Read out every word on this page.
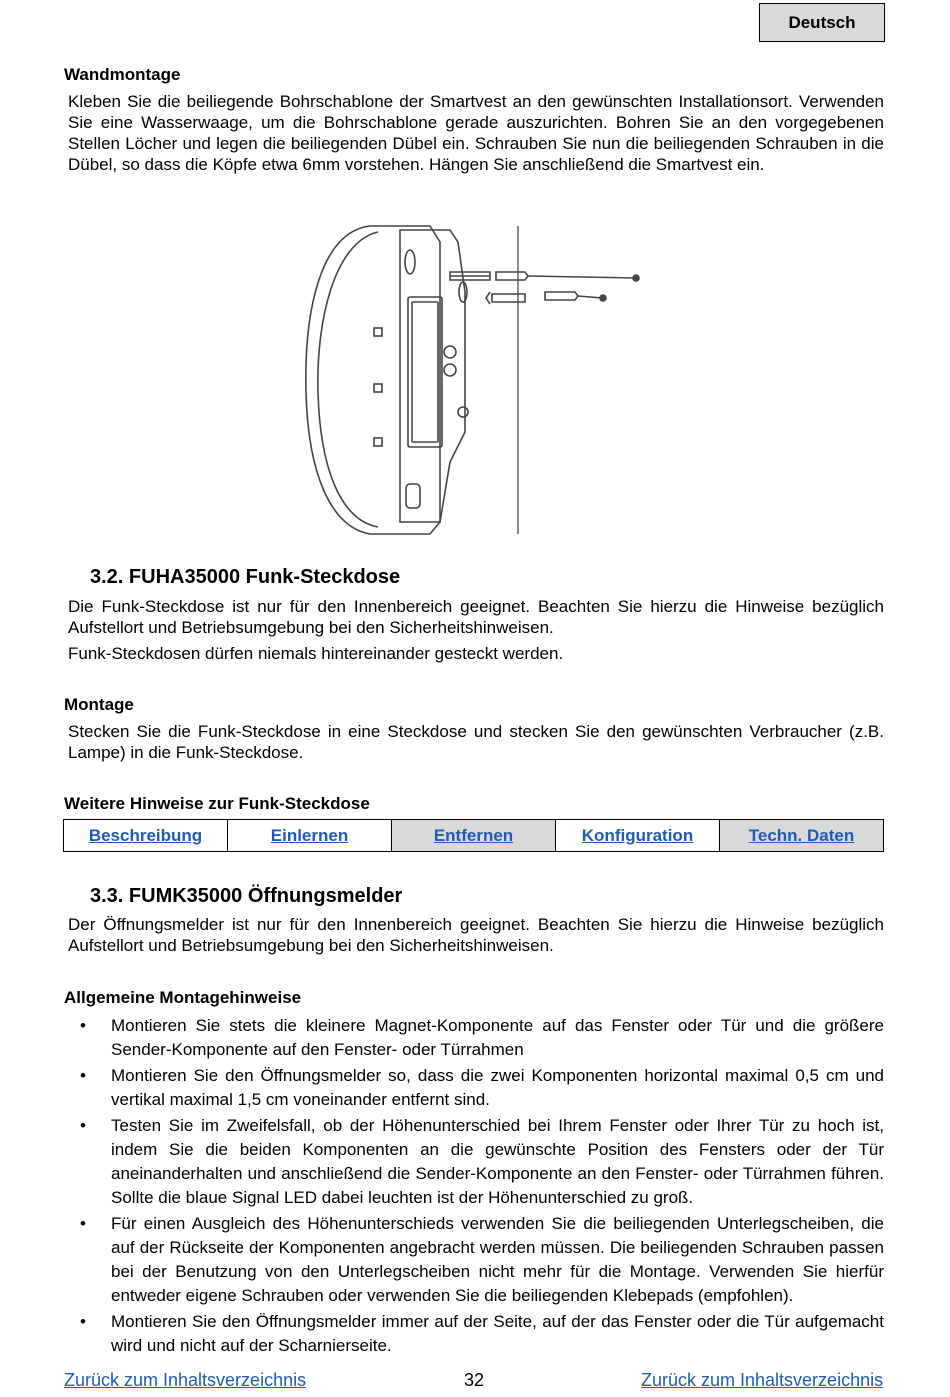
Deutsch
Wandmontage
Kleben Sie die beiliegende Bohrschablone der Smartvest an den gewünschten Installationsort. Verwenden Sie eine Wasserwaage, um die Bohrschablone gerade auszurichten. Bohren Sie an den vorgegebenen Stellen Löcher und legen die beiliegenden Dübel ein. Schrauben Sie nun die beiliegenden Schrauben in die Dübel, so dass die Köpfe etwa 6mm vorstehen. Hängen Sie anschließend die Smartvest ein.
3.2. FUHA35000 Funk-Steckdose
Die Funk-Steckdose ist nur für den Innenbereich geeignet. Beachten Sie hierzu die Hinweise bezüglich Aufstellort und Betriebsumgebung bei den Sicherheitshinweisen.
Funk-Steckdosen dürfen niemals hintereinander gesteckt werden.
Montage
Stecken Sie die Funk-Steckdose in eine Steckdose und stecken Sie den gewünschten Verbraucher (z.B. Lampe) in die Funk-Steckdose.
Weitere Hinweise zur Funk-Steckdose
Beschreibung	Einlernen	Entfernen	Konfiguration	Techn. Daten
3.3. FUMK35000 Öffnungsmelder
Der Öffnungsmelder ist nur für den Innenbereich geeignet. Beachten Sie hierzu die Hinweise bezüglich Aufstellort und Betriebsumgebung bei den Sicherheitshinweisen.
Allgemeine Montagehinweise
• Montieren Sie stets die kleinere Magnet-Komponente auf das Fenster oder Tür und die größere Sender-Komponente auf den Fenster- oder Türrahmen
• Montieren Sie den Öffnungsmelder so, dass die zwei Komponenten horizontal maximal 0,5 cm und vertikal maximal 1,5 cm voneinander entfernt sind.
• Testen Sie im Zweifelsfall, ob der Höhenunterschied bei Ihrem Fenster oder Ihrer Tür zu hoch ist, indem Sie die beiden Komponenten an die gewünschte Position des Fensters oder der Tür aneinanderhalten und anschließend die Sender-Komponente an den Fenster- oder Türrahmen führen. Sollte die blaue Signal LED dabei leuchten ist der Höhenunterschied zu groß.
• Für einen Ausgleich des Höhenunterschieds verwenden Sie die beiliegenden Unterlegscheiben, die auf der Rückseite der Komponenten angebracht werden müssen. Die beiliegenden Schrauben passen bei der Benutzung von den Unterlegscheiben nicht mehr für die Montage. Verwenden Sie hierfür entweder eigene Schrauben oder verwenden Sie die beiliegenden Klebepads (empfohlen).
• Montieren Sie den Öffnungsmelder immer auf der Seite, auf der das Fenster oder die Tür aufgemacht wird und nicht auf der Scharnierseite.
Zurück zum Inhaltsverzeichnis	32	Zurück zum Inhaltsverzeichnis
